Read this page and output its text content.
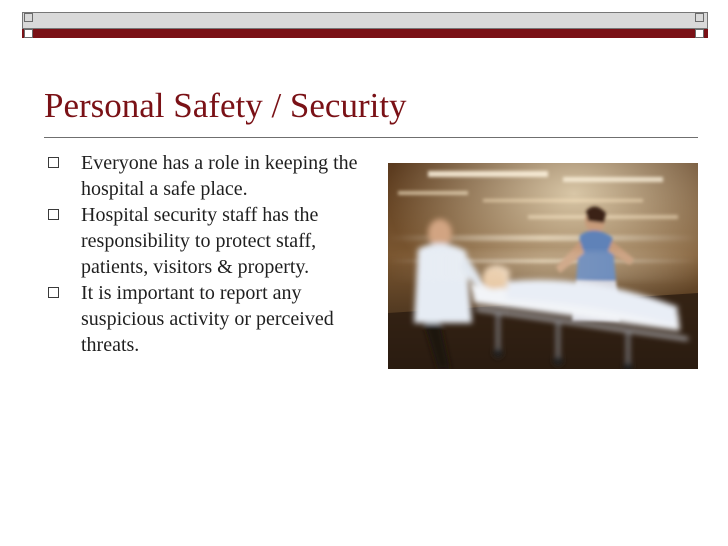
Personal Safety / Security
Everyone has a role in keeping the hospital a safe place.
Hospital security staff has the responsibility to protect staff, patients, visitors & property.
It is important to report any suspicious activity or perceived threats.
